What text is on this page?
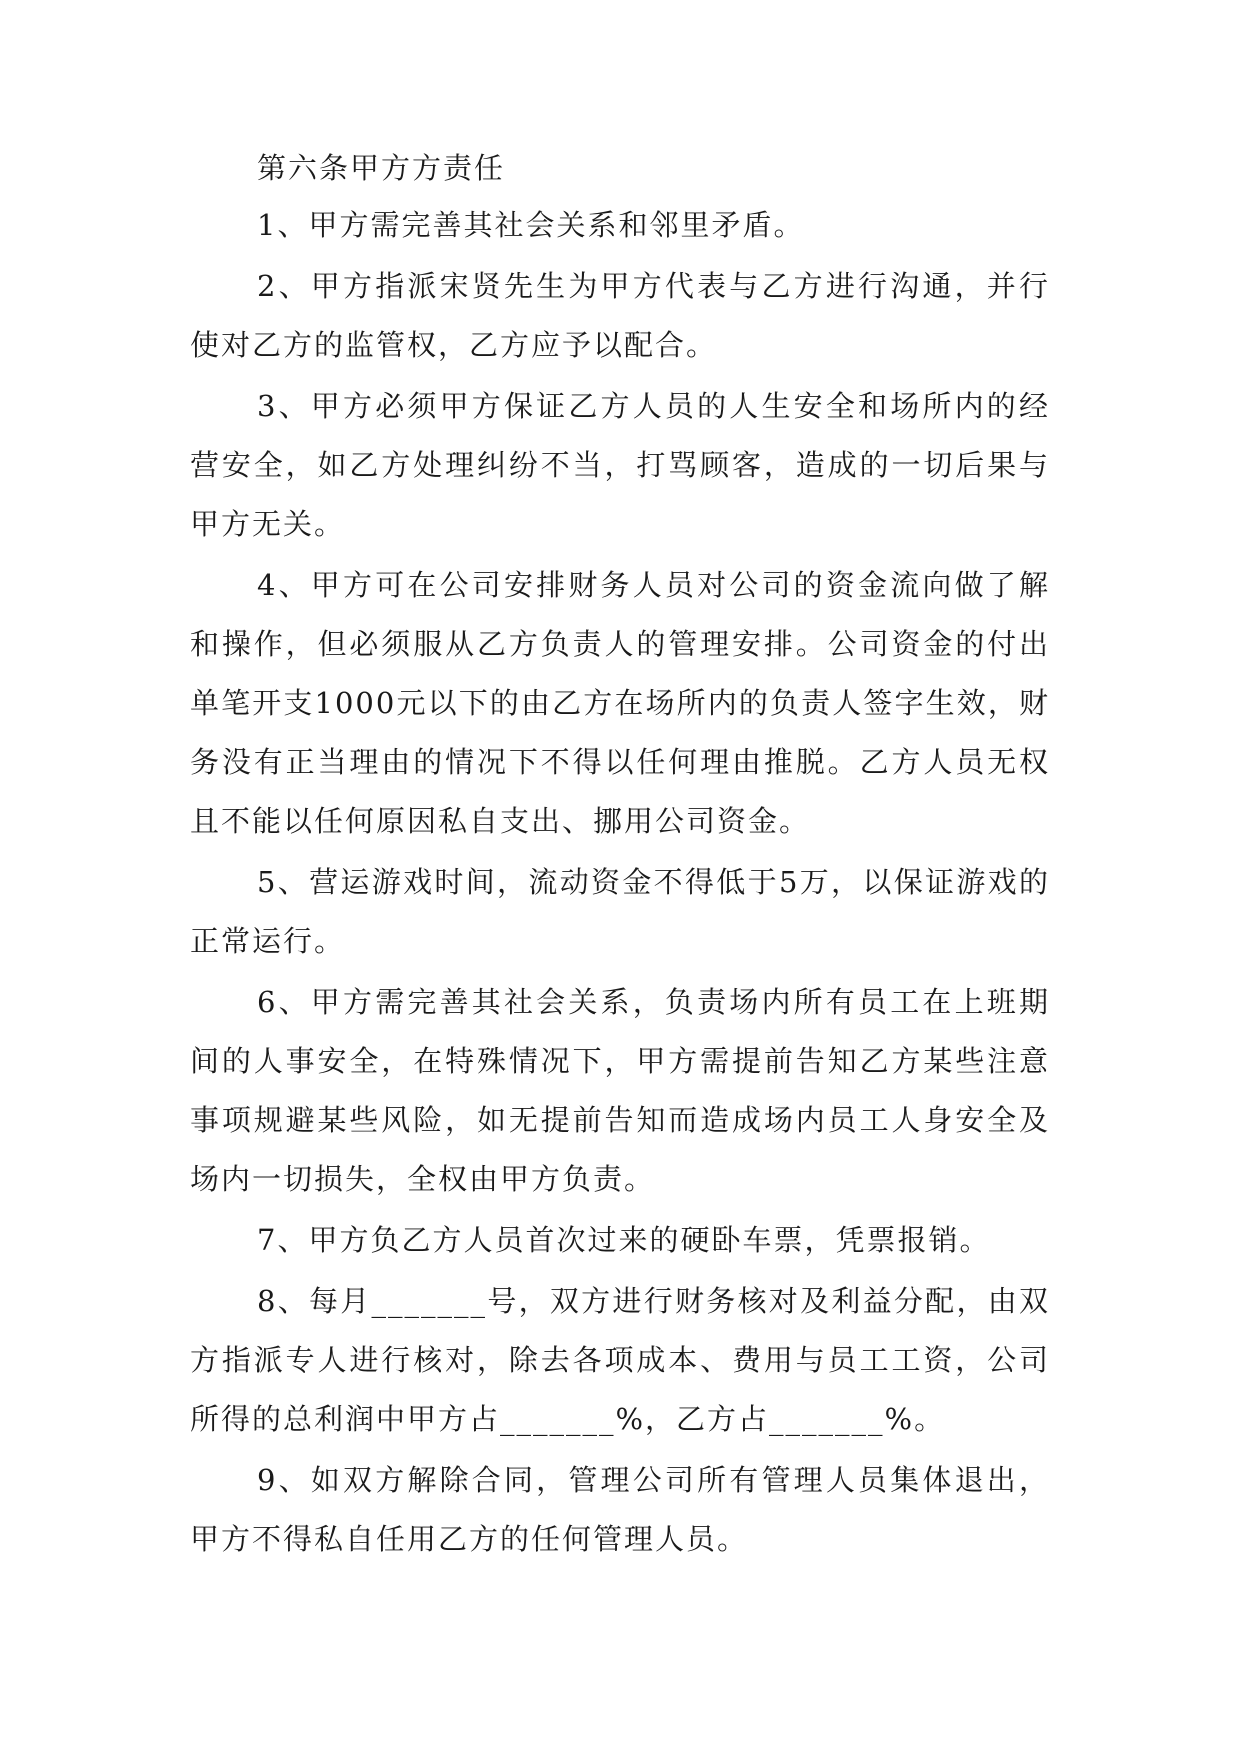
第六条甲方方责任

1、甲方需完善其社会关系和邻里矛盾。

2、甲方指派宋贤先生为甲方代表与乙方进行沟通，并行使对乙方的监管权，乙方应予以配合。

3、甲方必须甲方保证乙方人员的人生安全和场所内的经营安全，如乙方处理纠纷不当，打骂顾客，造成的一切后果与甲方无关。

4、甲方可在公司安排财务人员对公司的资金流向做了解和操作，但必须服从乙方负责人的管理安排。公司资金的付出单笔开支1000元以下的由乙方在场所内的负责人签字生效，财务没有正当理由的情况下不得以任何理由推脱。乙方人员无权且不能以任何原因私自支出、挪用公司资金。

5、营运游戏时间，流动资金不得低于5万，以保证游戏的正常运行。

6、甲方需完善其社会关系，负责场内所有员工在上班期间的人事安全，在特殊情况下，甲方需提前告知乙方某些注意事项规避某些风险，如无提前告知而造成场内员工人身安全及场内一切损失，全权由甲方负责。

7、甲方负乙方人员首次过来的硬卧车票，凭票报销。

8、每月_______号，双方进行财务核对及利益分配，由双方指派专人进行核对，除去各项成本、费用与员工工资，公司所得的总利润中甲方占_______%，乙方占_______%。

9、如双方解除合同，管理公司所有管理人员集体退出，甲方不得私自任用乙方的任何管理人员。
